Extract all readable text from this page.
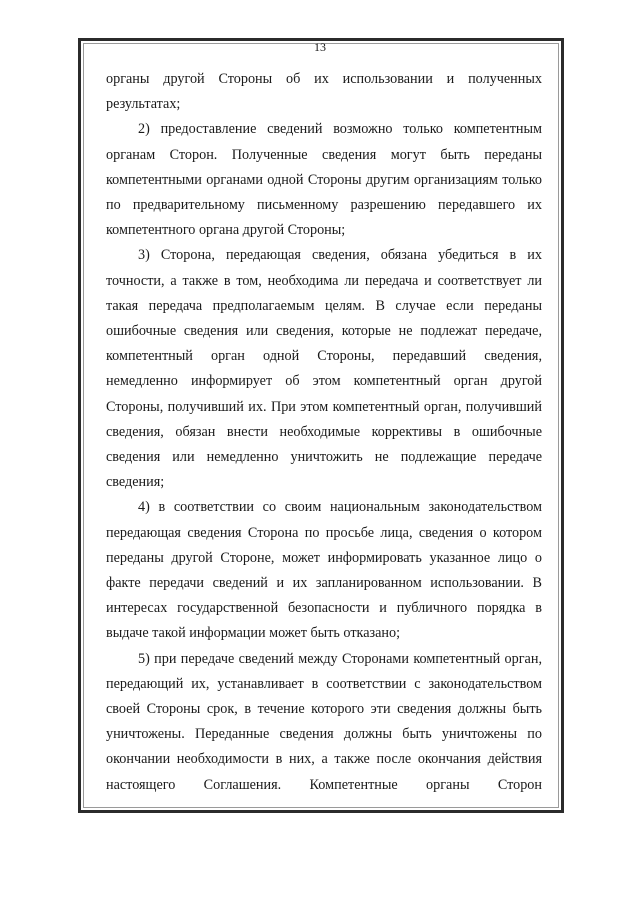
13

органы другой Стороны об их использовании и полученных результатах;

2) предоставление сведений возможно только компетентным органам Сторон. Полученные сведения могут быть переданы компетентными органами одной Стороны другим организациям только по предварительному письменному разрешению передавшего их компетентного органа другой Стороны;

3) Сторона, передающая сведения, обязана убедиться в их точности, а также в том, необходима ли передача и соответствует ли такая передача предполагаемым целям. В случае если переданы ошибочные сведения или сведения, которые не подлежат передаче, компетентный орган одной Стороны, передавший сведения, немедленно информирует об этом компетентный орган другой Стороны, получивший их. При этом компетентный орган, получивший сведения, обязан внести необходимые коррективы в ошибочные сведения или немедленно уничтожить не подлежащие передаче сведения;

4) в соответствии со своим национальным законодательством передающая сведения Сторона по просьбе лица, сведения о котором переданы другой Стороне, может информировать указанное лицо о факте передачи сведений и их запланированном использовании. В интересах государственной безопасности и публичного порядка в выдаче такой информации может быть отказано;

5) при передаче сведений между Сторонами компетентный орган, передающий их, устанавливает в соответствии с законодательством своей Стороны срок, в течение которого эти сведения должны быть уничтожены. Переданные сведения должны быть уничтожены по окончании необходимости в них, а также после окончания действия настоящего Соглашения. Компетентные органы Сторон
